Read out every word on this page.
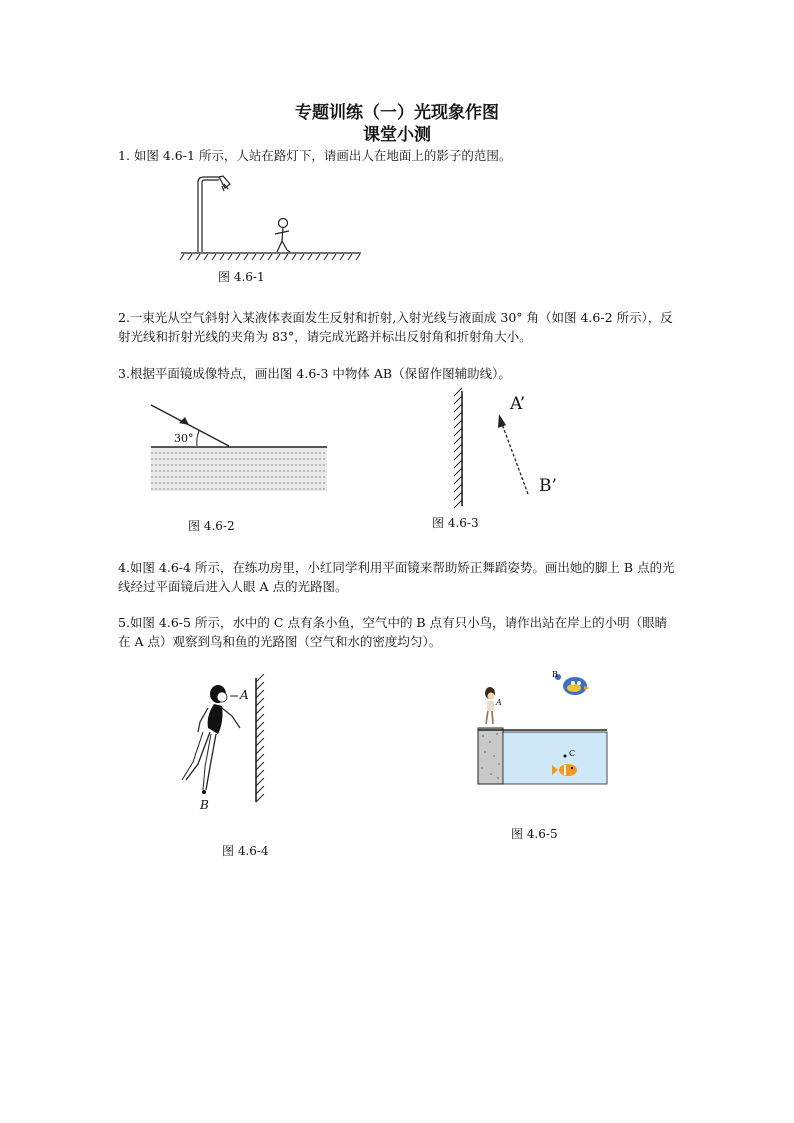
专题训练（一）光现象作图
课堂小测
1. 如图 4.6-1 所示，人站在路灯下，请画出人在地面上的影子的范围。
图 4.6-1
2.一束光从空气斜射入某液体表面发生反射和折射,入射光线与液面成 30° 角（如图 4.6-2 所示），反射光线和折射光线的夹角为 83°，请完成光路并标出反射角和折射角大小。
3.根据平面镜成像特点，画出图 4.6-3 中物体 AB（保留作图辅助线）。
30°
图 4.6-2
A’
B’
图 4.6-3
4.如图 4.6-4 所示，在练功房里，小红同学利用平面镜来帮助矫正舞蹈姿势。画出她的脚上 B 点的光线经过平面镜后进入人眼 A 点的光路图。
5.如图 4.6-5 所示，水中的 C 点有条小鱼，空气中的 B 点有只小鸟，请作出站在岸上的小明（眼睛在 A 点）观察到鸟和鱼的光路图（空气和水的密度均匀）。
A
B
图 4.6-4
A
B
C
图 4.6-5
